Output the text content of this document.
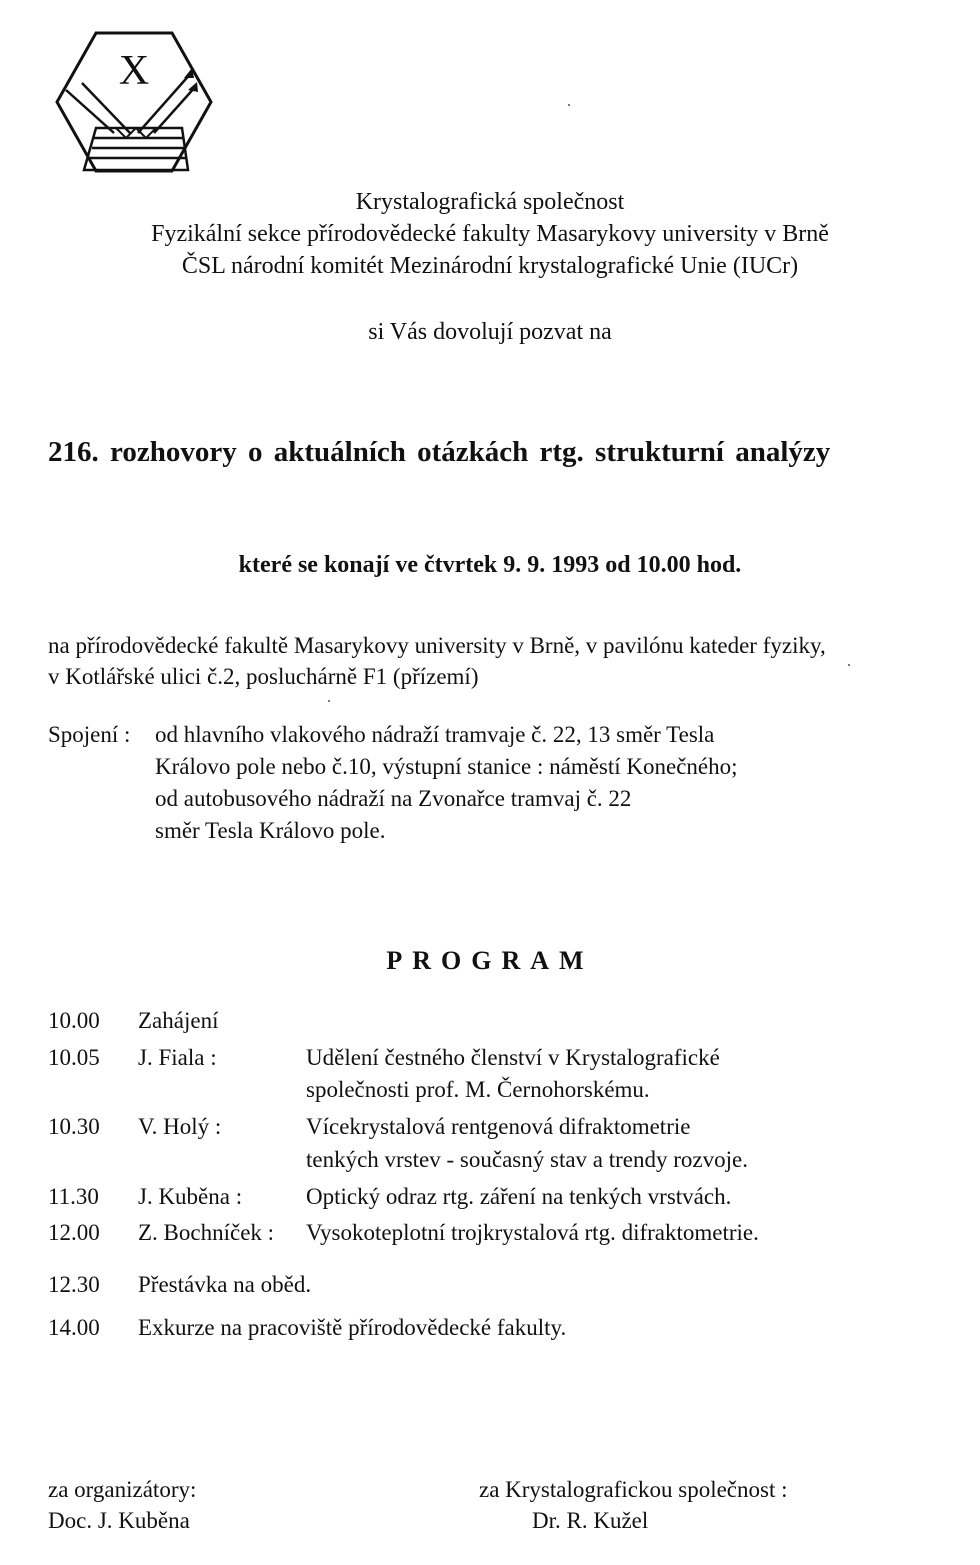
X
Krystalografická společnost
Fyzikální sekce přírodovědecké fakulty Masarykovy university v Brně
ČSL národní komitét Mezinárodní krystalografické Unie (IUCr)
si Vás dovolují pozvat na
216. rozhovory o aktuálních otázkách rtg. strukturní analýzy
které se konají ve čtvrtek 9. 9. 1993 od 10.00 hod.
na přírodovědecké fakultě Masarykovy university v Brně, v pavilónu kateder fyziky,
v Kotlářské ulici č.2, posluchárně F1 (přízemí)
Spojení : od hlavního vlakového nádraží tramvaje č. 22, 13 směr Tesla
Královo pole nebo č.10, výstupní stanice : náměstí Konečného;
od autobusového nádraží na Zvonařce tramvaj č. 22
směr Tesla Královo pole.
PROGRAM
10.00 Zahájení
10.05 J. Fiala :	Udělení čestného členství v Krystalografické
společnosti prof. M. Černohorskému.
10.30 V. Holý :	Vícekrystalová rentgenová difraktometrie
tenkých vrstev - současný stav a trendy rozvoje.
11.30 J. Kuběna :	Optický odraz rtg. záření na tenkých vrstvách.
12.00 Z. Bochníček : Vysokoteplotní trojkrystalová rtg. difraktometrie.
12.30 Přestávka na oběd.
14.00 Exkurze na pracoviště přírodovědecké fakulty.
za organizátory:
Doc. J. Kuběna
za Krystalografickou společnost :
Dr. R. Kužel
